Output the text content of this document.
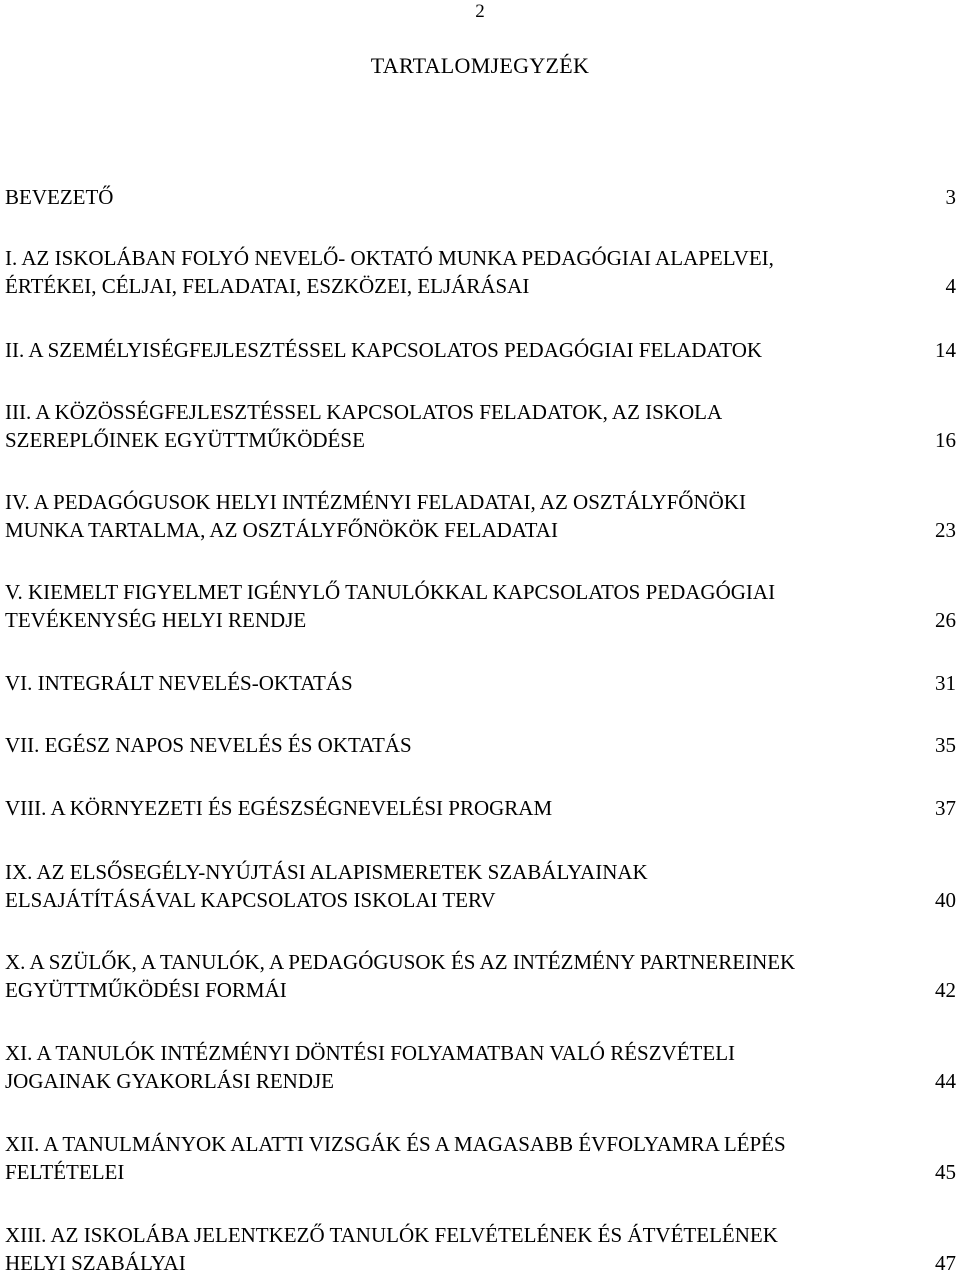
2
TARTALOMJEGYZÉK
BEVEZETŐ	3
I. AZ ISKOLÁBAN FOLYÓ NEVELŐ- OKTATÓ MUNKA PEDAGÓGIAI ALAPELVEI,
ÉRTÉKEI, CÉLJAI, FELADATAI, ESZKÖZEI, ELJÁRÁSAI	4
II. A SZEMÉLYISÉGFEJLESZTÉSSEL KAPCSOLATOS PEDAGÓGIAI FELADATOK	14
III. A KÖZÖSSÉGFEJLESZTÉSSEL KAPCSOLATOS FELADATOK, AZ ISKOLA
SZEREPLŐINEK EGYÜTTMŰKÖDÉSE	16
IV. A PEDAGÓGUSOK HELYI INTÉZMÉNYI FELADATAI, AZ OSZTÁLYFŐNÖKI
MUNKA TARTALMA, AZ OSZTÁLYFŐNÖKÖK FELADATAI	23
V. KIEMELT FIGYELMET IGÉNYLŐ TANULÓKKAL KAPCSOLATOS PEDAGÓGIAI
TEVÉKENYSÉG HELYI RENDJE	26
VI. INTEGRÁLT NEVELÉS-OKTATÁS	31
VII. EGÉSZ NAPOS NEVELÉS ÉS OKTATÁS	35
VIII. A KÖRNYEZETI ÉS EGÉSZSÉGNEVELÉSI PROGRAM	37
IX. AZ ELSŐSEGÉLY-NYÚJTÁSI ALAPISMERETEK SZABÁLYAINAK
ELSAJÁTÍTÁSÁVAL KAPCSOLATOS ISKOLAI TERV	40
X. A SZÜLŐK, A TANULÓK, A PEDAGÓGUSOK ÉS AZ INTÉZMÉNY PARTNEREINEK
EGYÜTTMŰKÖDÉSI FORMÁI	42
XI. A TANULÓK INTÉZMÉNYI DÖNTÉSI FOLYAMATBAN VALÓ RÉSZVÉTELI
JOGAINAK GYAKORLÁSI RENDJE	44
XII. A TANULMÁNYOK ALATTI VIZSGÁK ÉS A MAGASABB ÉVFOLYAMRA LÉPÉS
FELTÉTELEI	45
XIII. AZ ISKOLÁBA JELENTKEZŐ TANULÓK FELVÉTELÉNEK ÉS ÁTVÉTELÉNEK
HELYI SZABÁLYAI	47
